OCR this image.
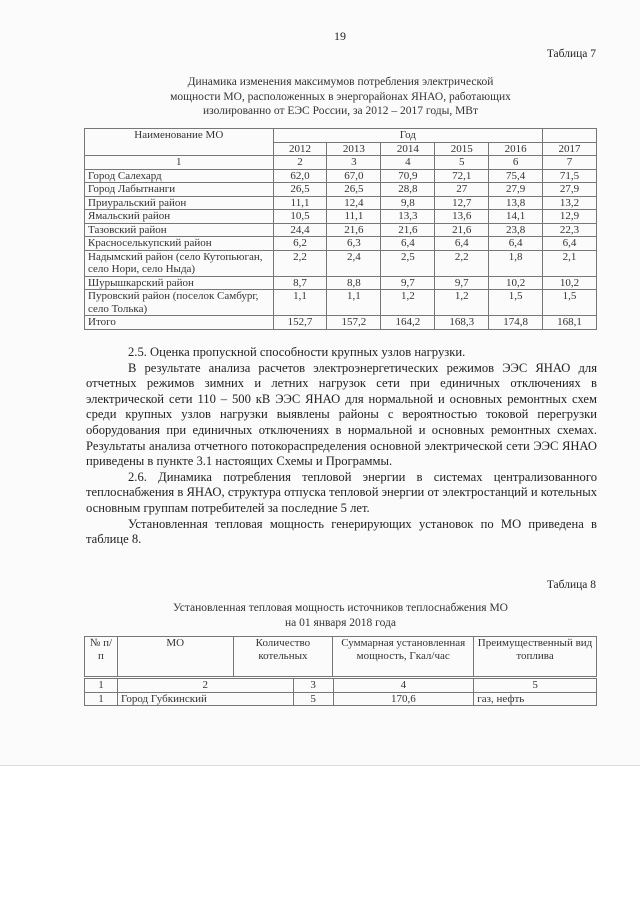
19
Таблица 7
Динамика изменения максимумов потребления электрической
мощности МО, расположенных в энергорайонах ЯНАО, работающих
изолированно от ЕЭС России, за 2012 – 2017 годы, МВт
Наименование МО	Год					
	2012	2013	2014	2015	2016	2017
1	2	3	4	5	6	7
Город Салехард	62,0	67,0	70,9	72,1	75,4	71,5
Город Лабытнанги	26,5	26,5	28,8	27	27,9	27,9
Приуральский район	11,1	12,4	9,8	12,7	13,8	13,2
Ямальский район	10,5	11,1	13,3	13,6	14,1	12,9
Тазовский район	24,4	21,6	21,6	21,6	23,8	22,3
Красноселькупский район	6,2	6,3	6,4	6,4	6,4	6,4
Надымский район (село Кутопьюган, село Нори, село Ныда)	2,2	2,4	2,5	2,2	1,8	2,1
Шурышкарский район	8,7	8,8	9,7	9,7	10,2	10,2
Пуровский район (поселок Самбург, село Толька)	1,1	1,1	1,2	1,2	1,5	1,5
Итого	152,7	157,2	164,2	168,3	174,8	168,1

2.5. Оценка пропускной способности крупных узлов нагрузки.

В результате анализа расчетов электроэнергетических режимов ЭЭС ЯНАО для отчетных режимов зимних и летних нагрузок сети при единичных отключениях в электрической сети 110 – 500 кВ ЭЭС ЯНАО для нормальной и основных ремонтных схем среди крупных узлов нагрузки выявлены районы с вероятностью токовой перегрузки оборудования при единичных отключениях в нормальной и основных ремонтных схемах. Результаты анализа отчетного потокораспределения основной электрической сети ЭЭС ЯНАО приведены в пункте 3.1 настоящих Схемы и Программы.

2.6. Динамика потребления тепловой энергии в системах централизованного теплоснабжения в ЯНАО, структура отпуска тепловой энергии от электростанций и котельных основным группам потребителей за последние 5 лет.

Установленная тепловая мощность генерирующих установок по МО приведена в таблице 8.

Таблица 8
Установленная тепловая мощность источников теплоснабжения МО
на 01 января 2018 года
№ п/п	МО	Количество котельных	Суммарная установленная мощность, Гкал/час	Преимущественный вид топлива
1	2	3	4	5
1	Город Губкинский	5	170,6	газ, нефть
